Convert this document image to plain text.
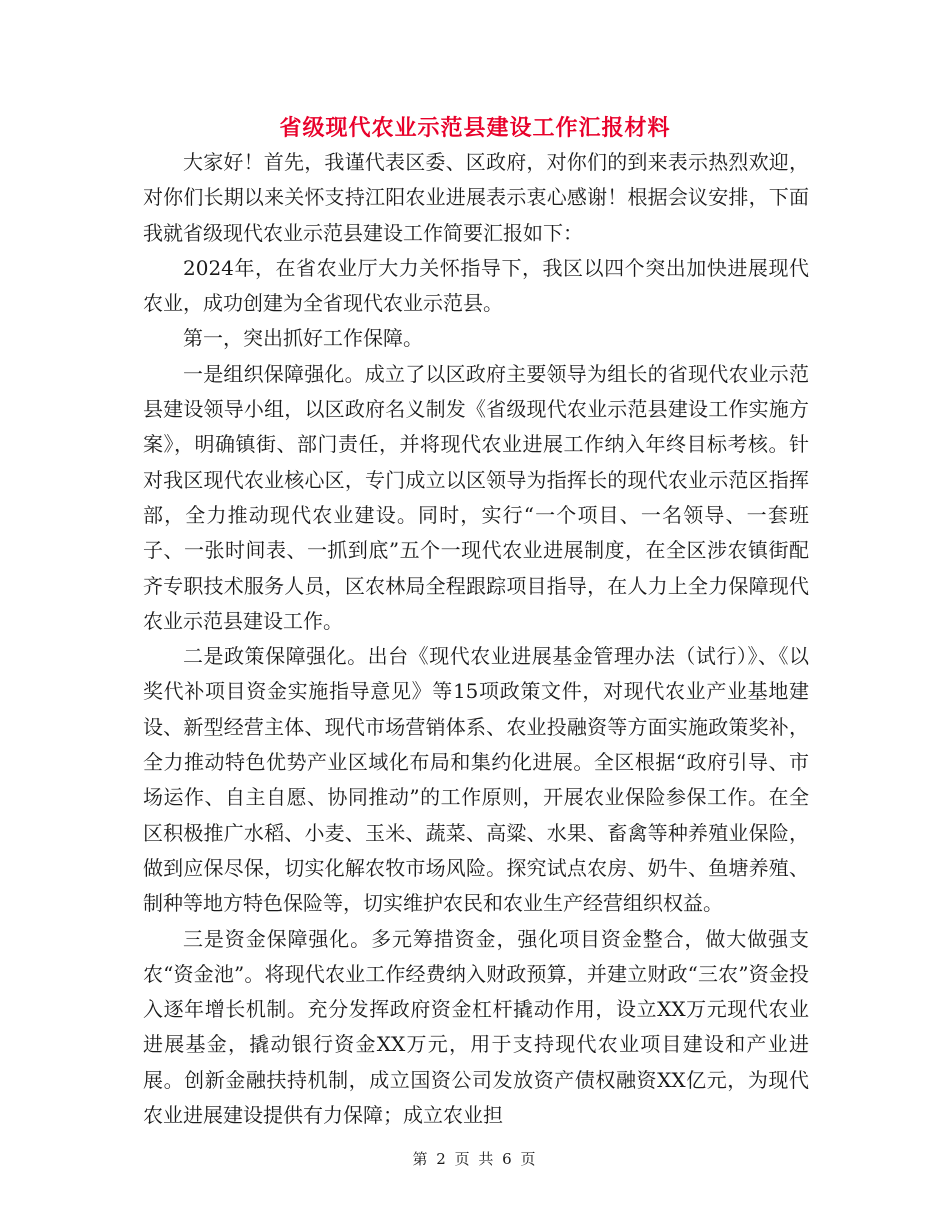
省级现代农业示范县建设工作汇报材料

大家好！首先，我谨代表区委、区政府，对你们的到来表示热烈欢迎，对你们长期以来关怀支持江阳农业进展表示衷心感谢！根据会议安排，下面我就省级现代农业示范县建设工作简要汇报如下：

2024年，在省农业厅大力关怀指导下，我区以四个突出加快进展现代农业，成功创建为全省现代农业示范县。

第一，突出抓好工作保障。

一是组织保障强化。成立了以区政府主要领导为组长的省现代农业示范县建设领导小组，以区政府名义制发《省级现代农业示范县建设工作实施方案》，明确镇街、部门责任，并将现代农业进展工作纳入年终目标考核。针对我区现代农业核心区，专门成立以区领导为指挥长的现代农业示范区指挥部，全力推动现代农业建设。同时，实行“一个项目、一名领导、一套班子、一张时间表、一抓到底”五个一现代农业进展制度，在全区涉农镇街配齐专职技术服务人员，区农林局全程跟踪项目指导，在人力上全力保障现代农业示范县建设工作。

二是政策保障强化。出台《现代农业进展基金管理办法（试行）》、《以奖代补项目资金实施指导意见》等15项政策文件，对现代农业产业基地建设、新型经营主体、现代市场营销体系、农业投融资等方面实施政策奖补，全力推动特色优势产业区域化布局和集约化进展。全区根据“政府引导、市场运作、自主自愿、协同推动”的工作原则，开展农业保险参保工作。在全区积极推广水稻、小麦、玉米、蔬菜、高粱、水果、畜禽等种养殖业保险，做到应保尽保，切实化解农牧市场风险。探究试点农房、奶牛、鱼塘养殖、制种等地方特色保险等，切实维护农民和农业生产经营组织权益。

三是资金保障强化。多元筹措资金，强化项目资金整合，做大做强支农“资金池”。将现代农业工作经费纳入财政预算，并建立财政“三农”资金投入逐年增长机制。充分发挥政府资金杠杆撬动作用，设立XX万元现代农业进展基金，撬动银行资金XX万元，用于支持现代农业项目建设和产业进展。创新金融扶持机制，成立国资公司发放资产债权融资XX亿元，为现代农业进展建设提供有力保障；成立农业担

第 2 页 共 6 页
